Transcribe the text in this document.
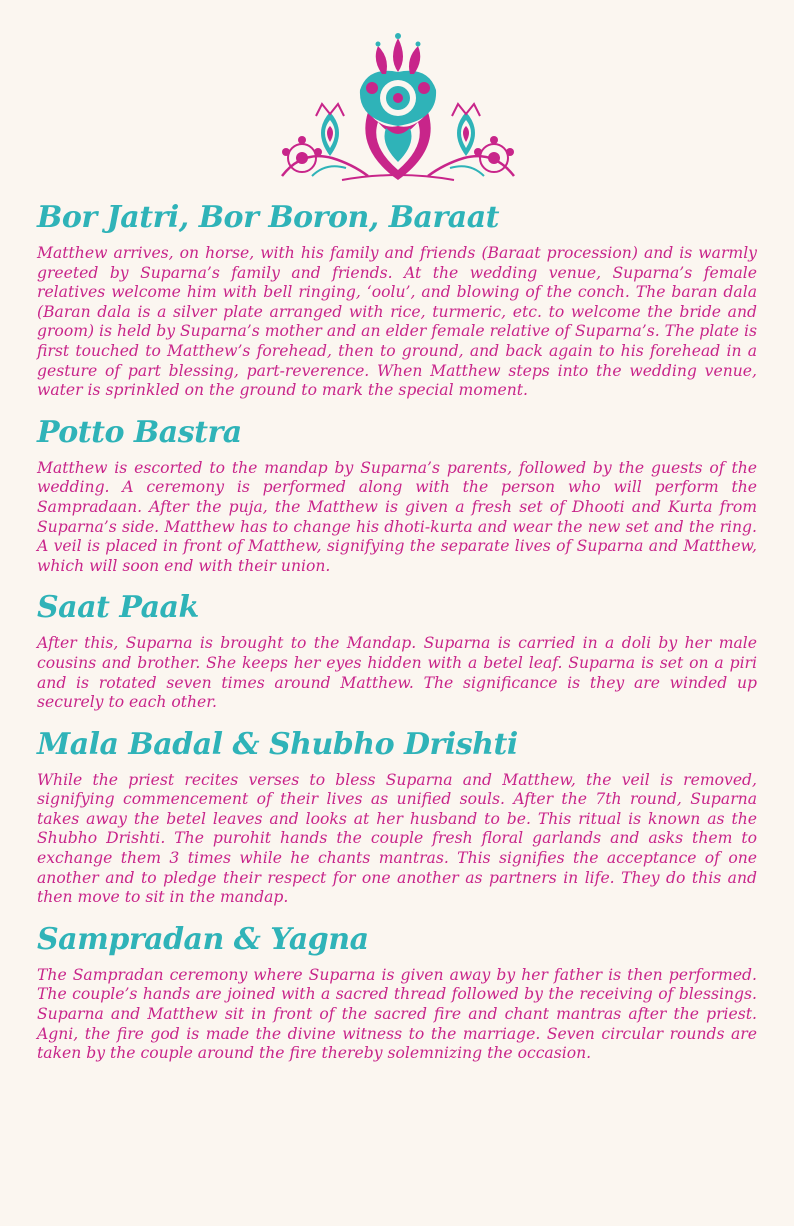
Bor Jatri, Bor Boron, Baraat

Matthew arrives, on horse, with his family and friends (Baraat procession) and is warmly greeted by Suparna’s family and friends. At the wedding venue, Suparna’s female relatives welcome him with bell ringing, ‘oolu’, and blowing of the conch. The baran dala (Baran dala is a silver plate arranged with rice, turmeric, etc. to welcome the bride and groom) is held by Suparna’s mother and an elder female relative of Suparna’s. The plate is first touched to Matthew’s forehead, then to ground, and back again to his forehead in a gesture of part blessing, part-reverence. When Matthew steps into the wedding venue, water is sprinkled on the ground to mark the special moment.

Potto Bastra

Matthew is escorted to the mandap by Suparna’s parents, followed by the guests of the wedding. A ceremony is performed along with the person who will perform the Sampradaan. After the puja, the Matthew is given a fresh set of Dhooti and Kurta from Suparna’s side. Matthew has to change his dhoti-kurta and wear the new set and the ring. A veil is placed in front of Matthew, signifying the separate lives of Suparna and Matthew, which will soon end with their union.

Saat Paak

After this, Suparna is brought to the Mandap. Suparna is carried in a doli by her male cousins and brother. She keeps her eyes hidden with a betel leaf. Suparna is set on a piri and is rotated seven times around Matthew. The significance is they are winded up securely to each other.

Mala Badal & Shubho Drishti

While the priest recites verses to bless Suparna and Matthew, the veil is removed, signifying commencement of their lives as unified souls. After the 7th round, Suparna takes away the betel leaves and looks at her husband to be. This ritual is known as the Shubho Drishti. The purohit hands the couple fresh floral garlands and asks them to exchange them 3 times while he chants mantras. This signifies the acceptance of one another and to pledge their respect for one another as partners in life. They do this and then move to sit in the mandap.

Sampradan & Yagna

The Sampradan ceremony where Suparna is given away by her father is then performed. The couple’s hands are joined with a sacred thread followed by the receiving of blessings. Suparna and Matthew sit in front of the sacred fire and chant mantras after the priest. Agni, the fire god is made the divine witness to the marriage. Seven circular rounds are taken by the couple around the fire thereby solemnizing the occasion.
